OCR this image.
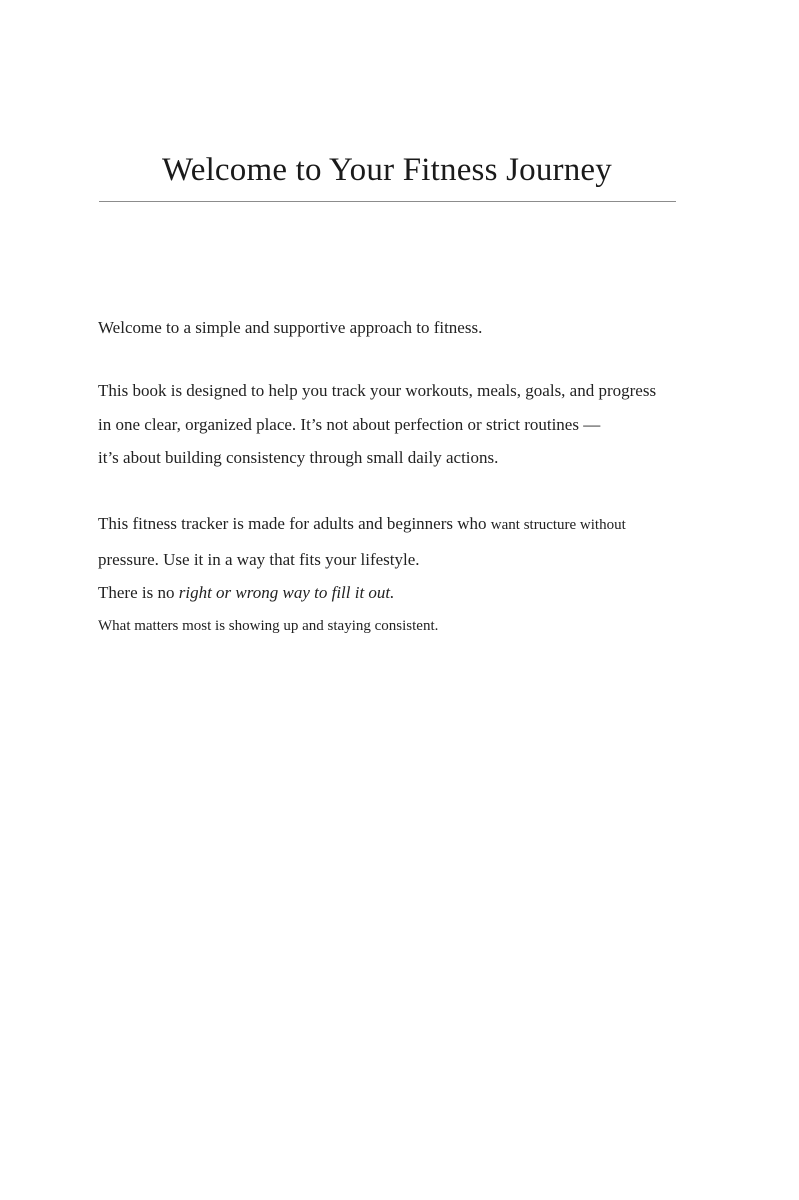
Welcome to Your Fitness Journey

Welcome to a simple and supportive approach to fitness.

This book is designed to help you track your workouts, meals, goals, and progress
in one clear, organized place. It’s not about perfection or strict routines —
it’s about building consistency through small daily actions.

This fitness tracker is made for adults and beginners who want structure without
pressure. Use it in a way that fits your lifestyle.
There is no right or wrong way to fill it out.
What matters most is showing up and staying consistent.
